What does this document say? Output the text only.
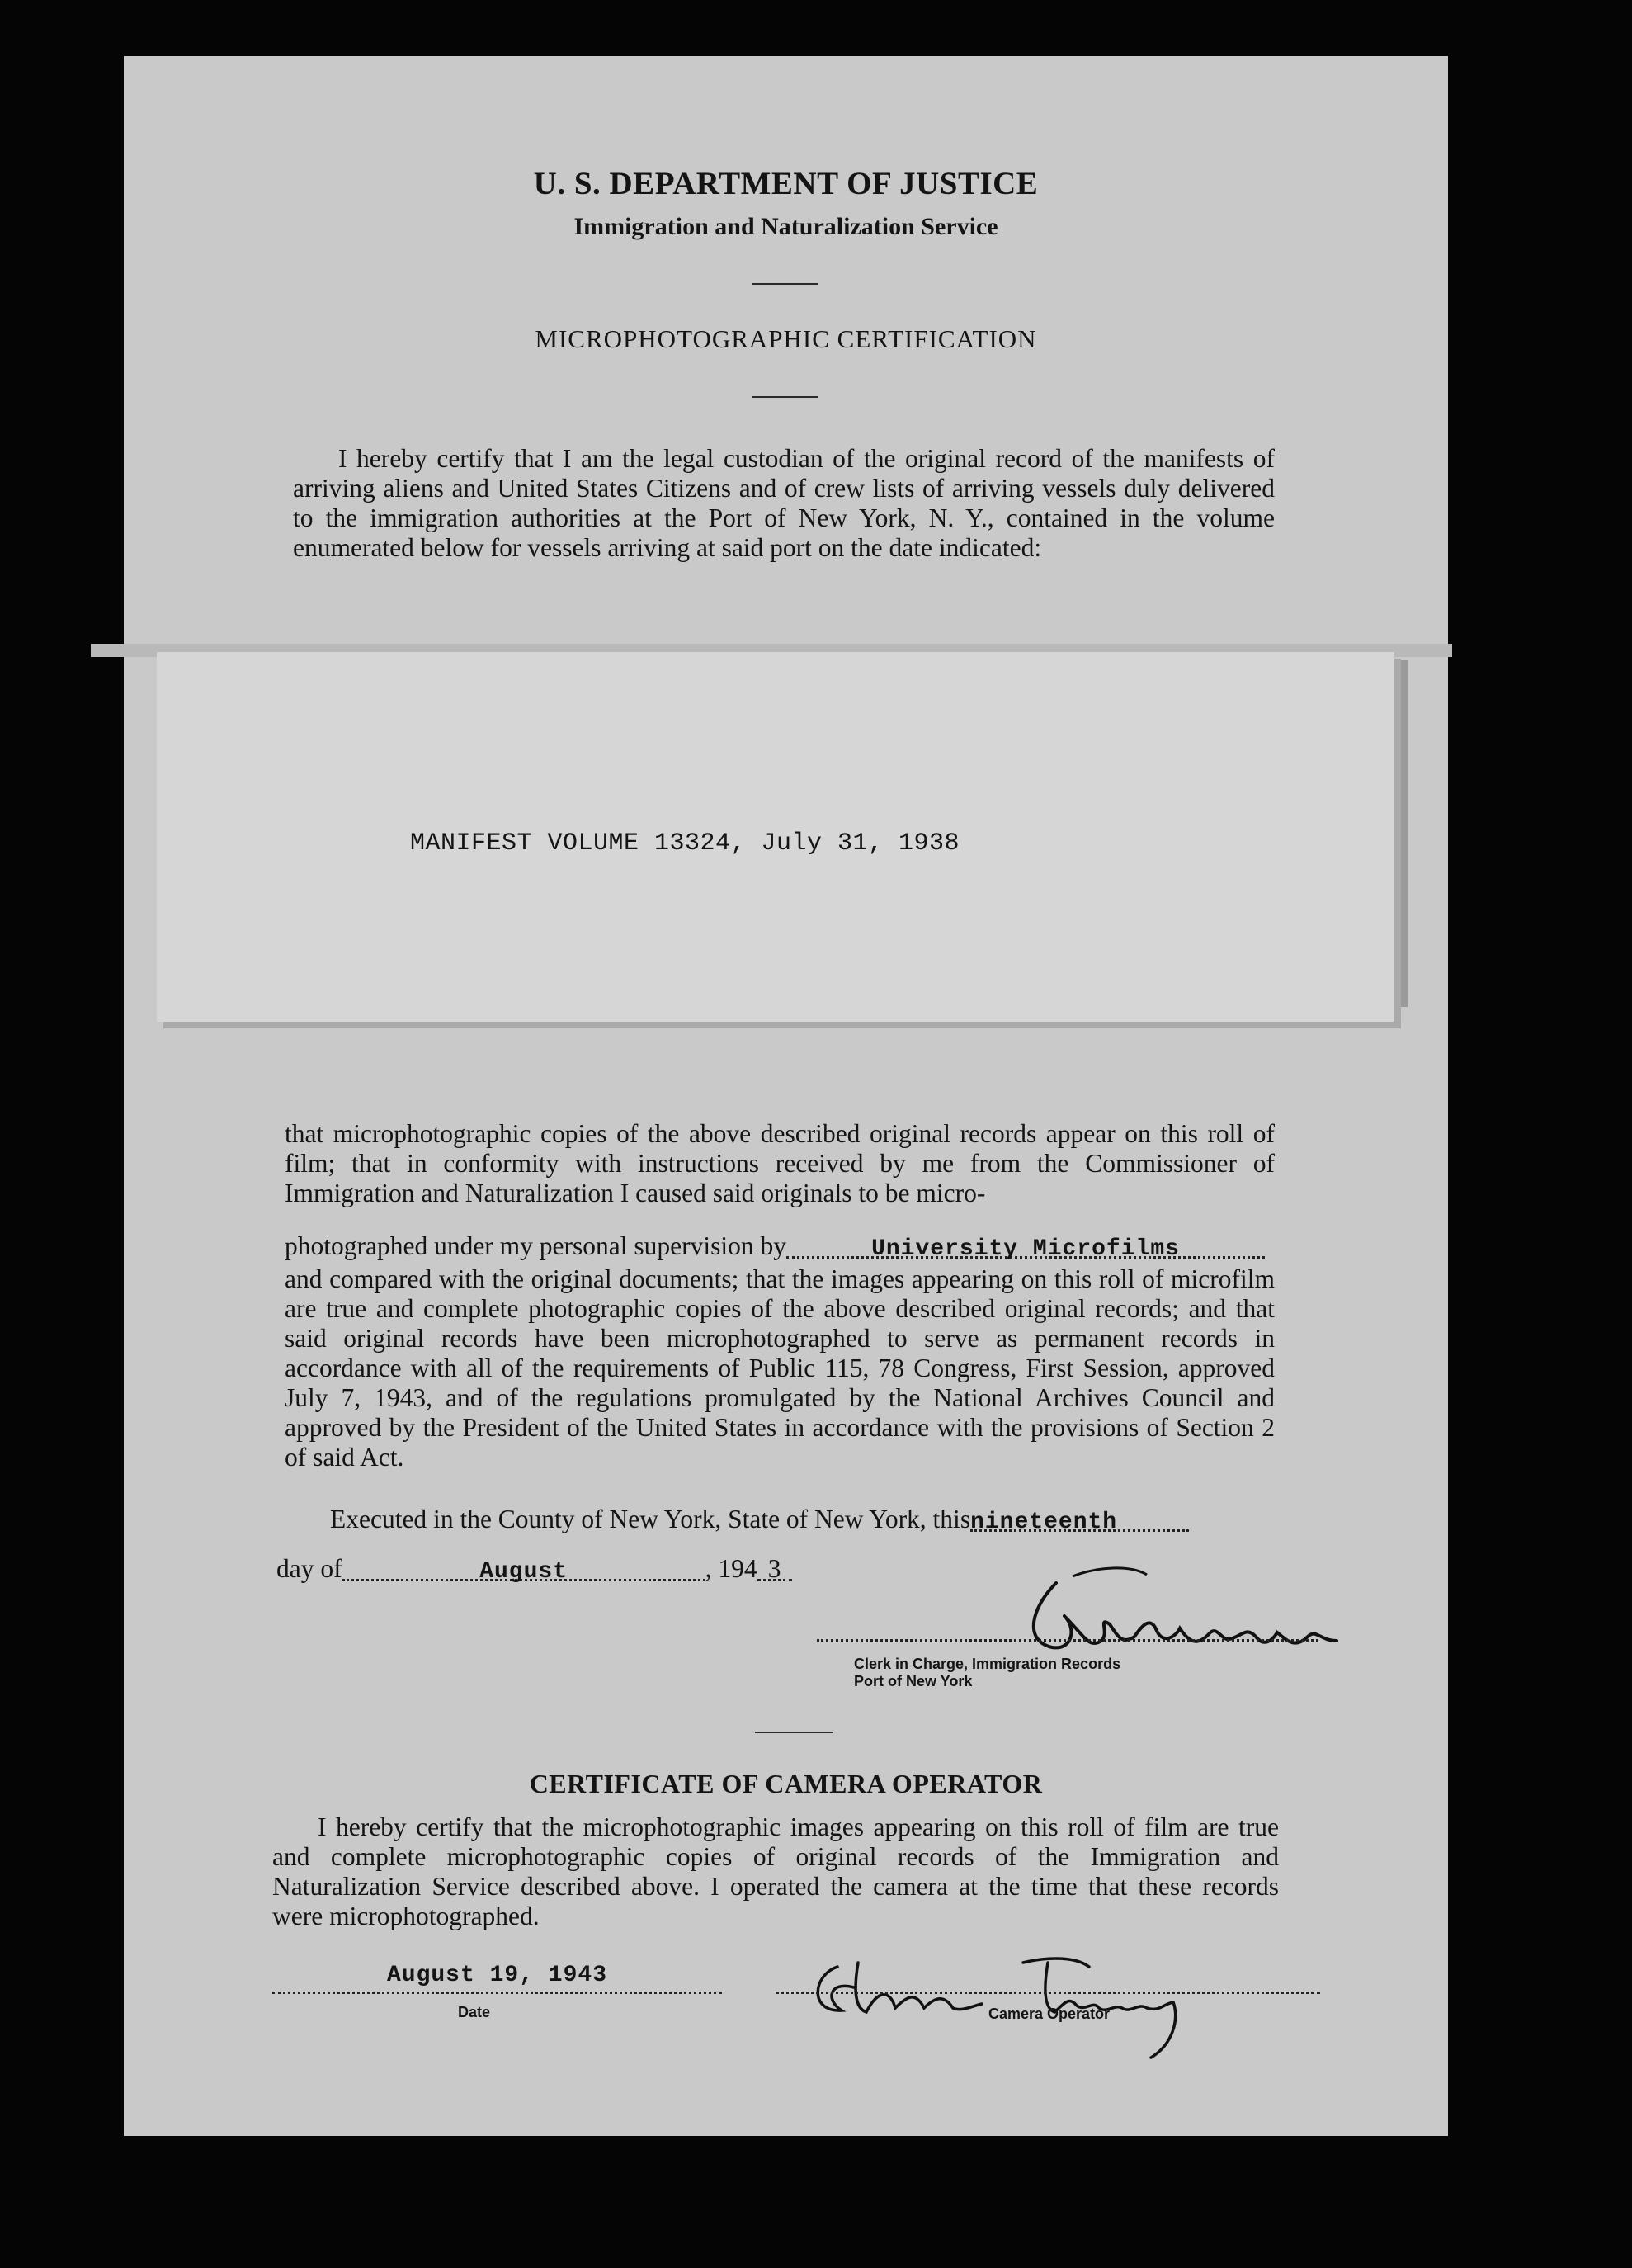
U. S. DEPARTMENT OF JUSTICE
Immigration and Naturalization Service
MICROPHOTOGRAPHIC CERTIFICATION
I hereby certify that I am the legal custodian of the original record of the manifests of arriving aliens and United States Citizens and of crew lists of arriving vessels duly delivered to the immigration authorities at the Port of New York, N. Y., contained in the volume enumerated below for vessels arriving at said port on the date indicated:
MANIFEST VOLUME 13324, July 31, 1938
that microphotographic copies of the above described original records appear on this roll of film; that in conformity with instructions received by me from the Commissioner of Immigration and Naturalization I caused said originals to be micro-
photographed under my personal supervision by	University Microfilms
and compared with the original documents; that the images appearing on this roll of microfilm are true and complete photographic copies of the above described original records; and that said original records have been microphotographed to serve as permanent records in accordance with all of the requirements of Public 115, 78 Congress, First Session, approved July 7, 1943, and of the regulations promulgated by the National Archives Council and approved by the President of the United States in accordance with the provisions of Section 2 of said Act.
Executed in the County of New York, State of New York, thisnineteenth
day of	August	, 194 3
Clerk in Charge, Immigration Records
Port of New York
CERTIFICATE OF CAMERA OPERATOR
I hereby certify that the microphotographic images appearing on this roll of film are true and complete microphotographic copies of original records of the Immigration and Naturalization Service described above. I operated the camera at the time that these records were microphotographed.
August 19, 1943
Date	Camera Operator
